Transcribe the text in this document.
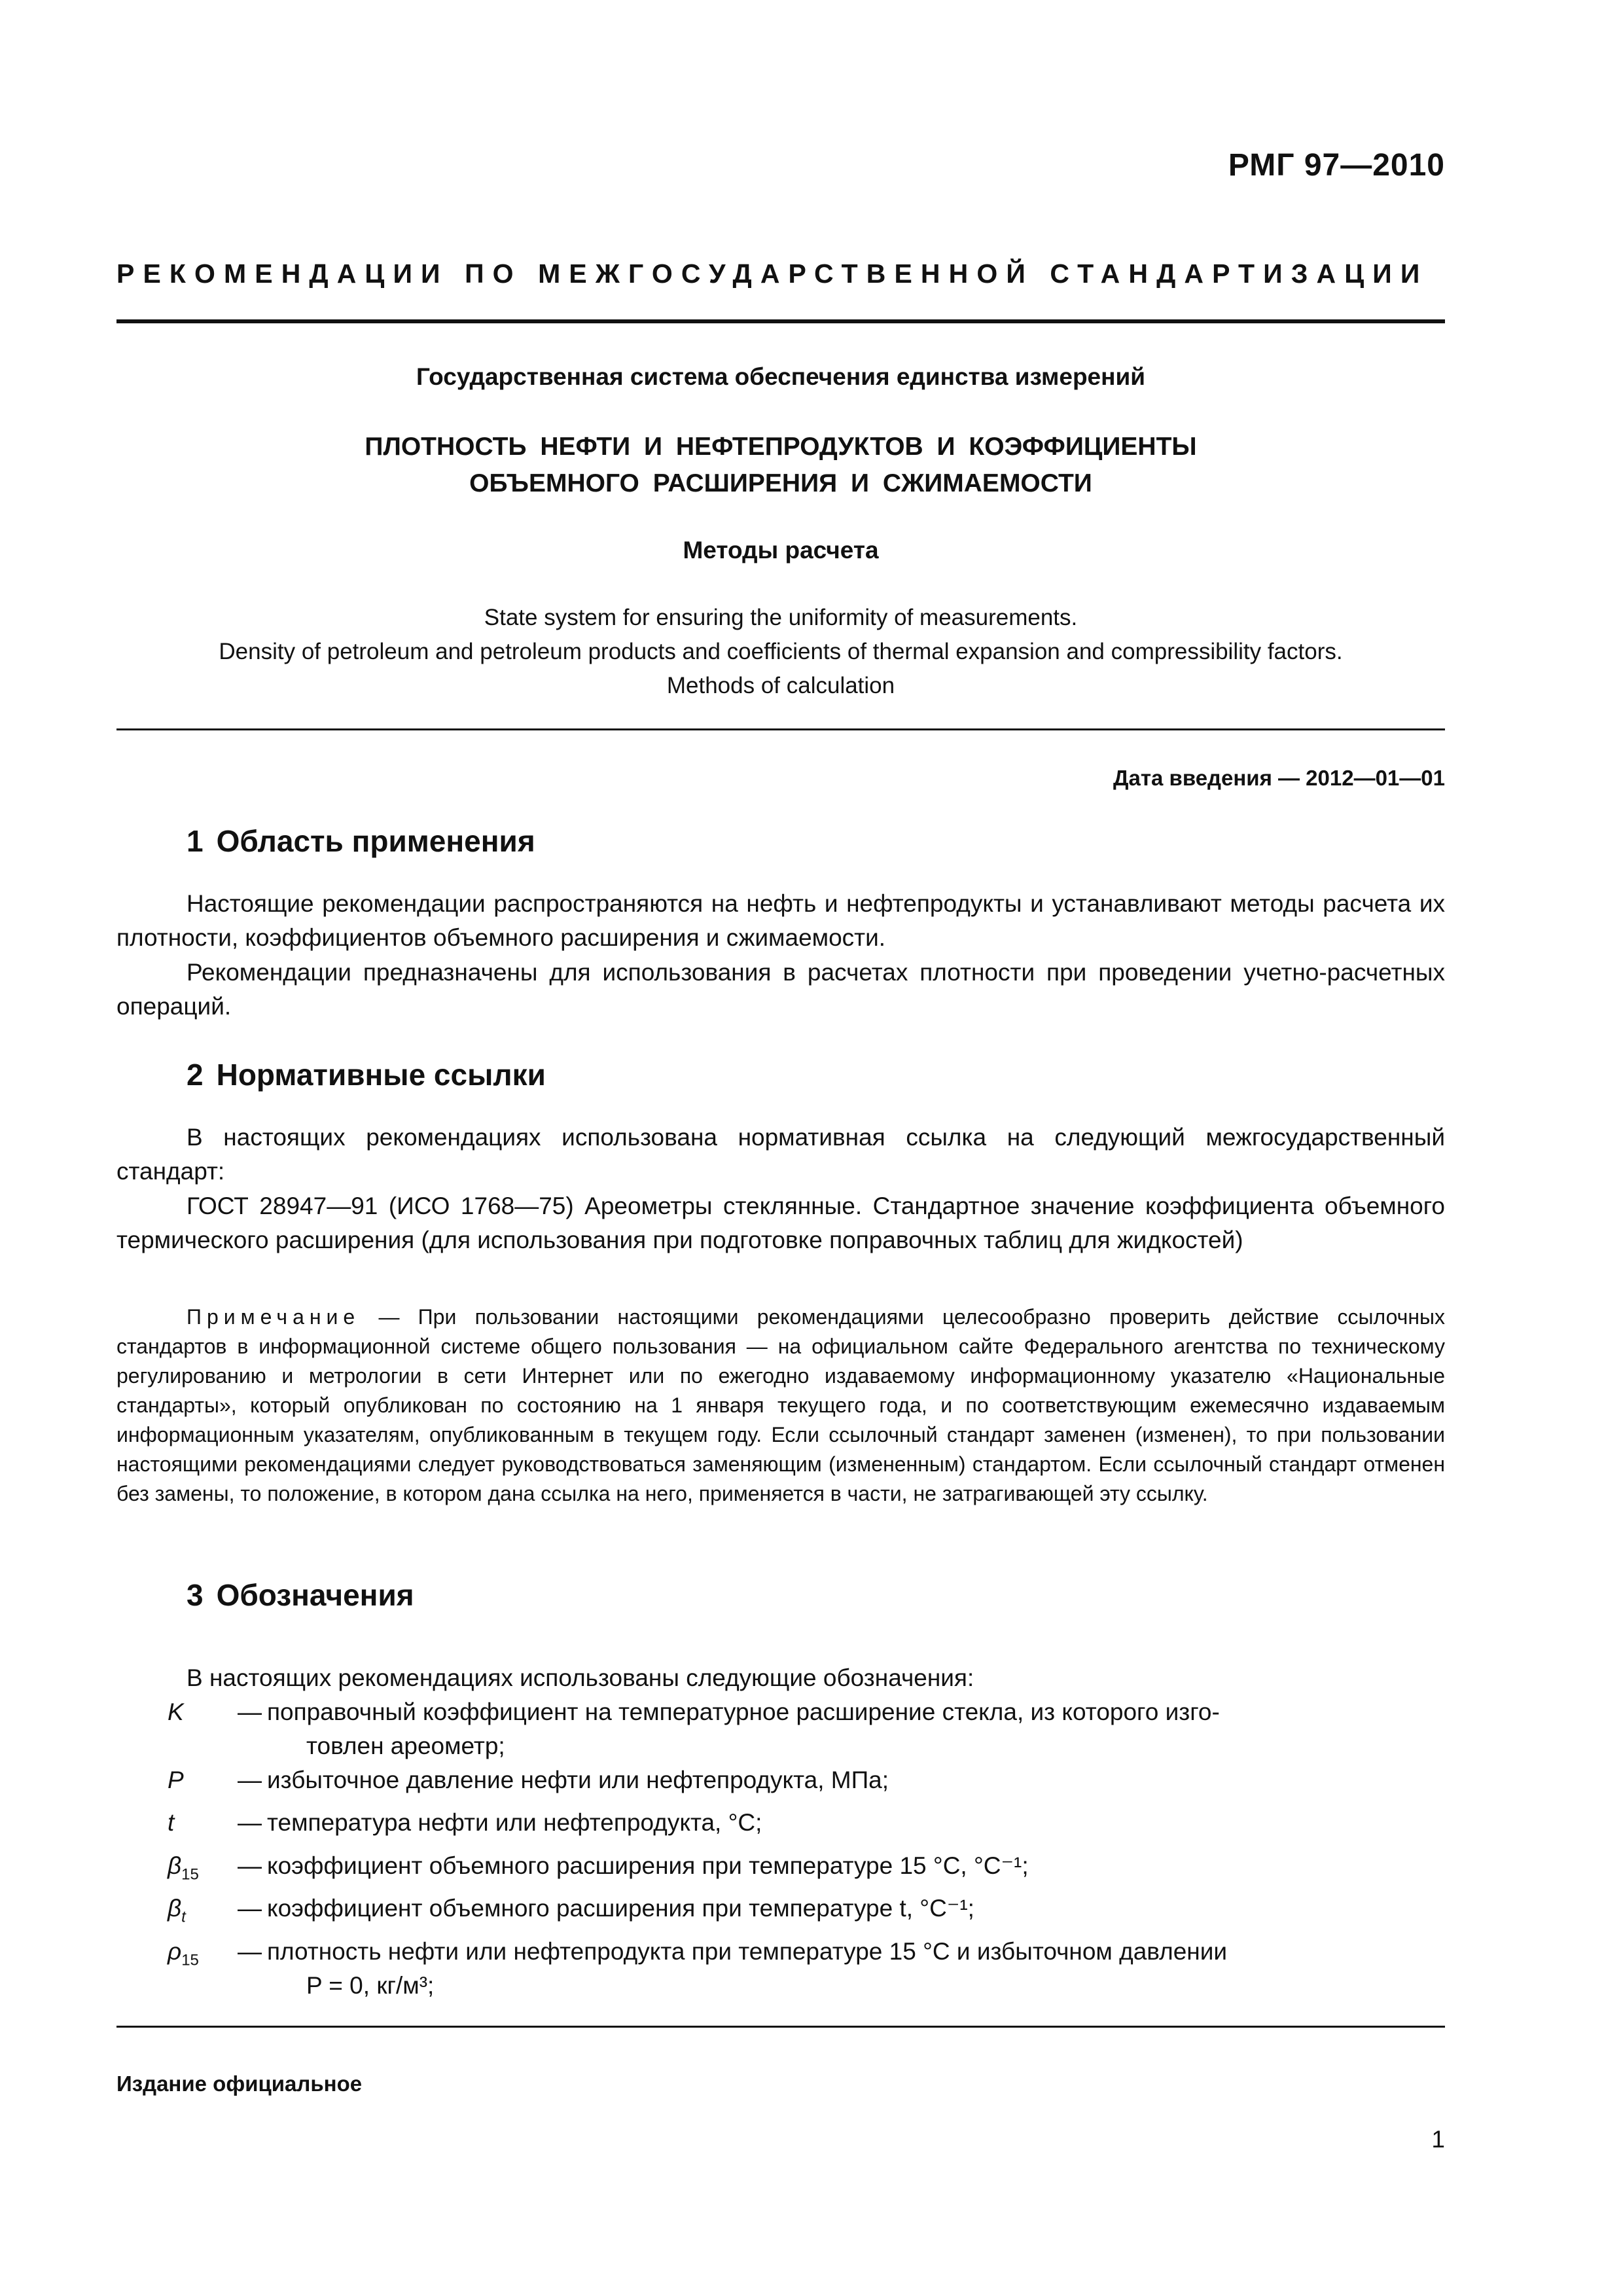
РМГ 97—2010
РЕКОМЕНДАЦИИ ПО МЕЖГОСУДАРСТВЕННОЙ СТАНДАРТИЗАЦИИ
Государственная система обеспечения единства измерений
ПЛОТНОСТЬ НЕФТИ И НЕФТЕПРОДУКТОВ И КОЭФФИЦИЕНТЫ
ОБЪЕМНОГО РАСШИРЕНИЯ И СЖИМАЕМОСТИ
Методы расчета
State system for ensuring the uniformity of measurements.
Density of petroleum and petroleum products and coefficients of thermal expansion and compressibility factors.
Methods of calculation
Дата введения — 2012—01—01
1 Область применения
Настоящие рекомендации распространяются на нефть и нефтепродукты и устанавливают методы расчета их плотности, коэффициентов объемного расширения и сжимаемости.
Рекомендации предназначены для использования в расчетах плотности при проведении учетно-расчетных операций.
2 Нормативные ссылки
В настоящих рекомендациях использована нормативная ссылка на следующий межгосударственный стандарт:
ГОСТ 28947—91 (ИСО 1768—75) Ареометры стеклянные. Стандартное значение коэффициента объемного термического расширения (для использования при подготовке поправочных таблиц для жидкостей)
Примечание — При пользовании настоящими рекомендациями целесообразно проверить действие ссылочных стандартов в информационной системе общего пользования — на официальном сайте Федерального агентства по техническому регулированию и метрологии в сети Интернет или по ежегодно издаваемому информационному указателю «Национальные стандарты», который опубликован по состоянию на 1 января текущего года, и по соответствующим ежемесячно издаваемым информационным указателям, опубликованным в текущем году. Если ссылочный стандарт заменен (изменен), то при пользовании настоящими рекомендациями следует руководствоваться заменяющим (измененным) стандартом. Если ссылочный стандарт отменен без замены, то положение, в котором дана ссылка на него, применяется в части, не затрагивающей эту ссылку.
3 Обозначения
В настоящих рекомендациях использованы следующие обозначения:
K	— поправочный коэффициент на температурное расширение стекла, из которого изго-
товлен ареометр;
P	— избыточное давление нефти или нефтепродукта, МПа;
t	— температура нефти или нефтепродукта, °С;
$\beta_{15}$	— коэффициент объемного расширения при температуре 15 °С, °С⁻¹;
$\beta_t$	— коэффициент объемного расширения при температуре t, °С⁻¹;
$\rho_{15}$	— плотность нефти или нефтепродукта при температуре 15 °С и избыточном давлении
P = 0, кг/м³;
Издание официальное
1
